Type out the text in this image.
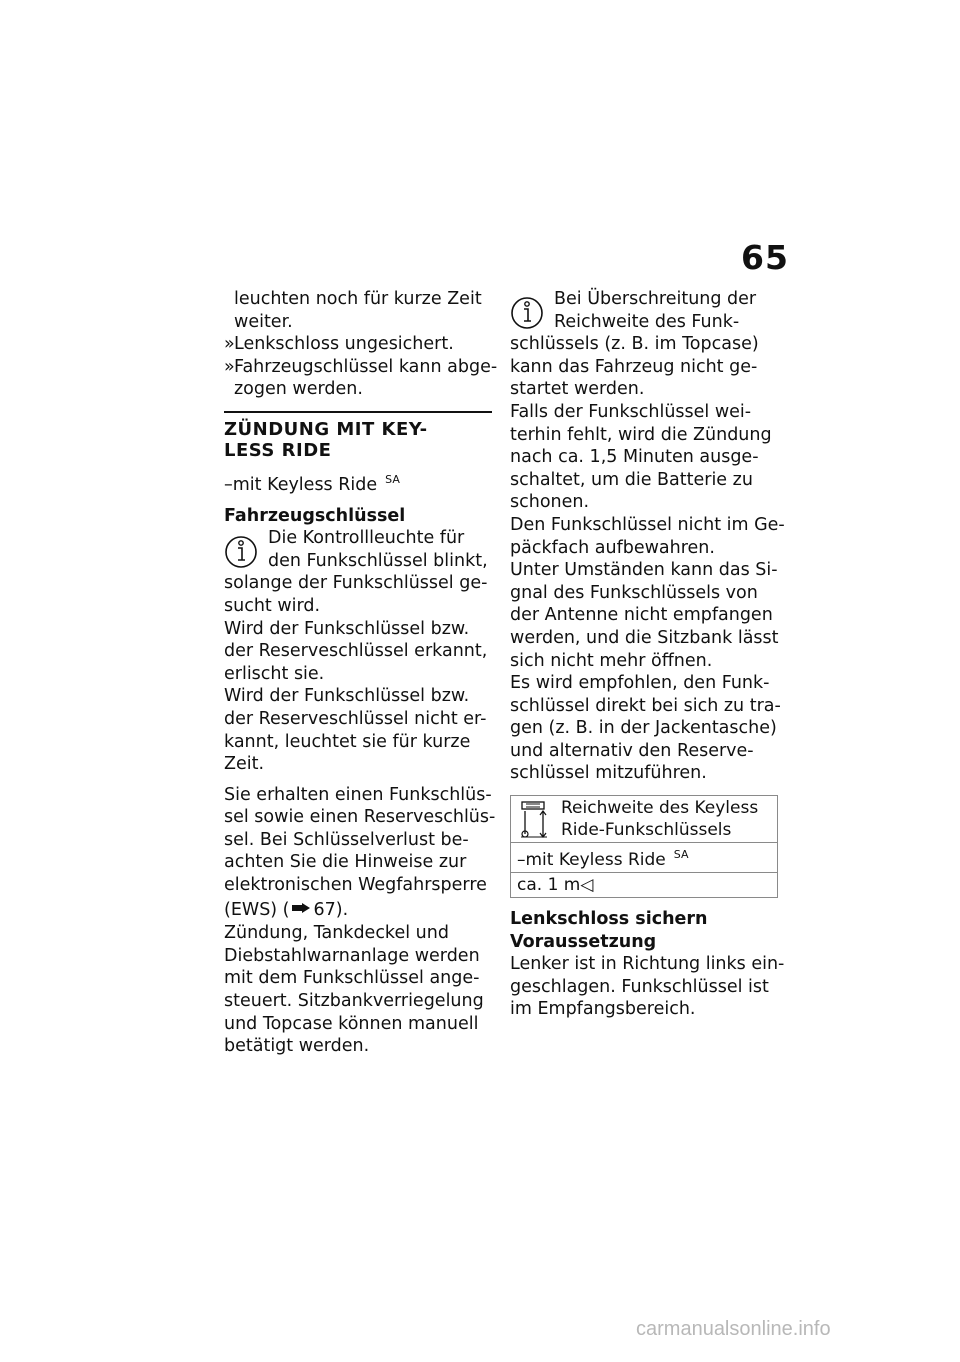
65
leuchten noch für kurze Zeit
weiter.
» Lenkschloss ungesichert.
» Fahrzeugschlüssel kann abge-
zogen werden.
ZÜNDUNG MIT KEY-
LESS RIDE
–mit Keyless Ride $^{SA}$
Fahrzeugschlüssel
Die Kontrollleuchte für
den Funkschlüssel blinkt,
solange der Funkschlüssel ge-
sucht wird.
Wird der Funkschlüssel bzw.
der Reserveschlüssel erkannt,
erlischt sie.
Wird der Funkschlüssel bzw.
der Reserveschlüssel nicht er-
kannt, leuchtet sie für kurze
Zeit.
Sie erhalten einen Funkschlüs-
sel sowie einen Reserveschlüs-
sel. Bei Schlüsselverlust be-
achten Sie die Hinweise zur
elektronischen Wegfahrsperre
(EWS) ( 67).
Zündung, Tankdeckel und
Diebstahlwarnanlage werden
mit dem Funkschlüssel ange-
steuert. Sitzbankverriegelung
und Topcase können manuell
betätigt werden.
Bei Überschreitung der
Reichweite des Funk-
schlüssels (z. B. im Topcase)
kann das Fahrzeug nicht ge-
startet werden.
Falls der Funkschlüssel wei-
terhin fehlt, wird die Zündung
nach ca. 1,5 Minuten ausge-
schaltet, um die Batterie zu
schonen.
Den Funkschlüssel nicht im Ge-
päckfach aufbewahren.
Unter Umständen kann das Si-
gnal des Funkschlüssels von
der Antenne nicht empfangen
werden, und die Sitzbank lässt
sich nicht mehr öffnen.
Es wird empfohlen, den Funk-
schlüssel direkt bei sich zu tra-
gen (z. B. in der Jackentasche)
und alternativ den Reserve-
schlüssel mitzuführen.
Reichweite des Keyless
Ride-Funkschlüssels

–mit Keyless Ride $^{SA}$
ca. 1 m◁
Lenkschloss sichern
Voraussetzung
Lenker ist in Richtung links ein-
geschlagen. Funkschlüssel ist
im Empfangsbereich.
carmanualsonline.info
